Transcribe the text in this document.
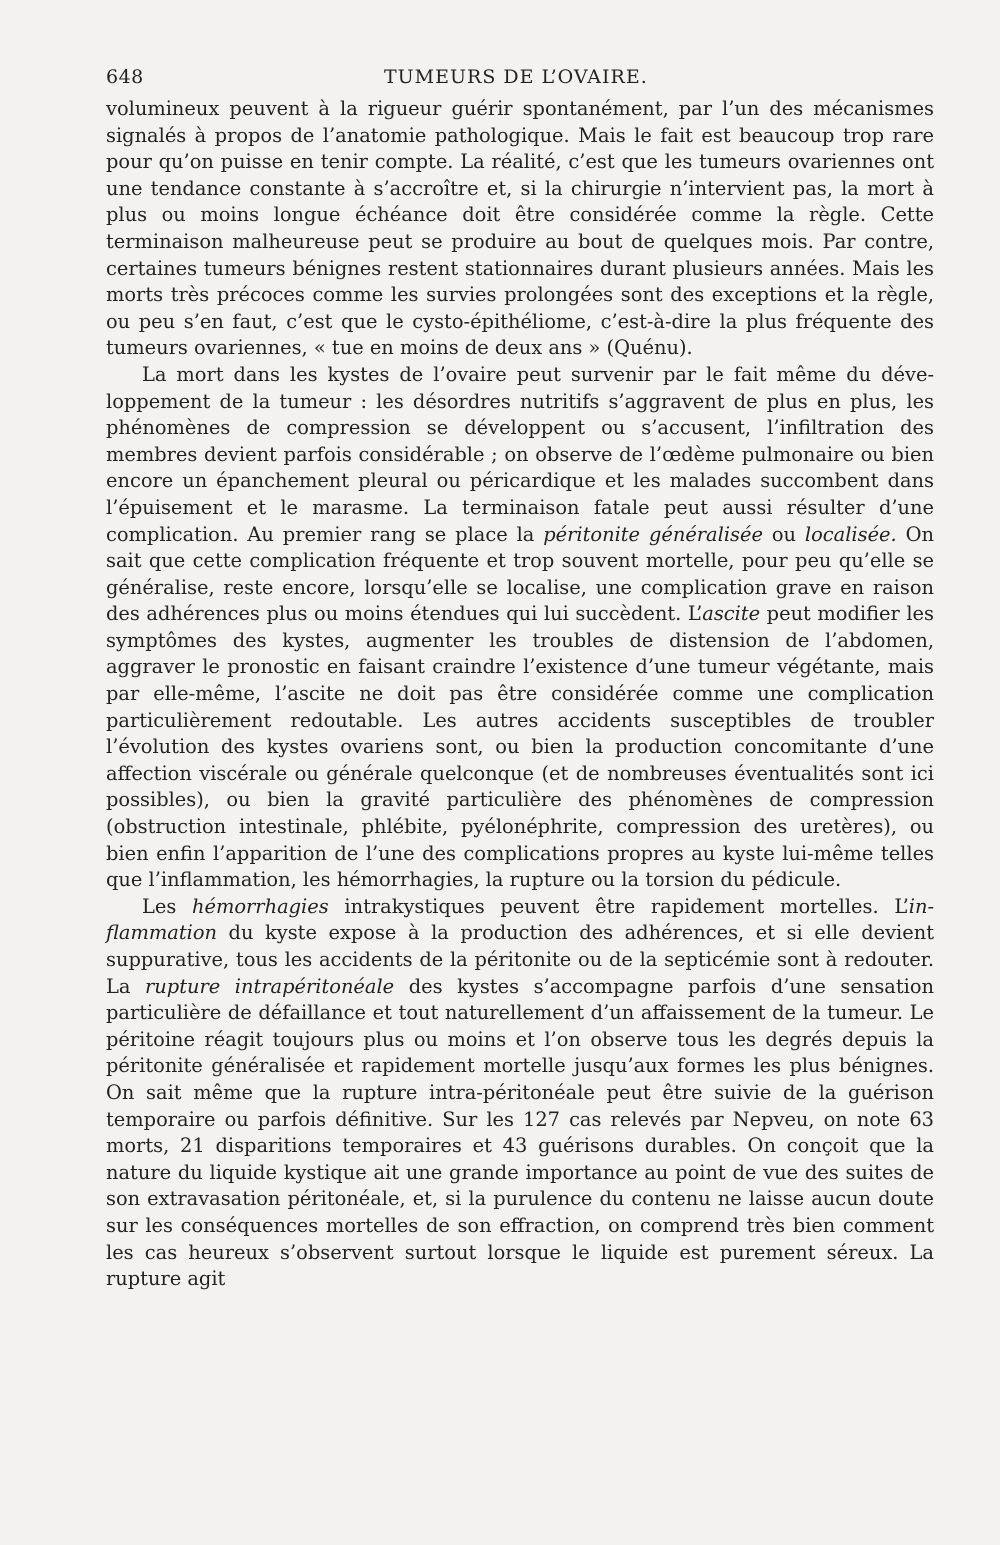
648	TUMEURS DE L’OVAIRE.

volumineux peuvent à la rigueur guérir spontanément, par l’un des mécanismes signalés à propos de l’anatomie pathologique. Mais le fait est beaucoup trop rare pour qu’on puisse en tenir compte. La réalité, c’est que les tumeurs ovariennes ont une tendance constante à s’accroître et, si la chirurgie n’intervient pas, la mort à plus ou moins longue échéance doit être considérée comme la règle. Cette terminaison malheureuse peut se produire au bout de quelques mois. Par contre, certaines tumeurs bénignes restent stationnaires durant plusieurs années. Mais les morts très précoces comme les survies prolongées sont des exceptions et la règle, ou peu s’en faut, c’est que le cysto-épithéliome, c’est-à-dire la plus fréquente des tumeurs ovariennes, « tue en moins de deux ans » (Quénu).

La mort dans les kystes de l’ovaire peut survenir par le fait même du développement de la tumeur : les désordres nutritifs s’aggravent de plus en plus, les phénomènes de compression se développent ou s’accusent, l’infiltration des membres devient parfois considérable ; on observe de l’œdème pulmonaire ou bien encore un épanchement pleural ou péricardique et les malades succombent dans l’épuisement et le marasme. La terminaison fatale peut aussi résulter d’une complication. Au premier rang se place la péritonite généralisée ou localisée. On sait que cette complication fréquente et trop souvent mortelle, pour peu qu’elle se généralise, reste encore, lorsqu’elle se localise, une complication grave en raison des adhérences plus ou moins étendues qui lui succèdent. L’ascite peut modifier les symptômes des kystes, augmenter les troubles de distension de l’abdomen, aggraver le pronostic en faisant craindre l’existence d’une tumeur végétante, mais par elle-même, l’ascite ne doit pas être considérée comme une complication particulièrement redoutable. Les autres accidents susceptibles de troubler l’évolution des kystes ovariens sont, ou bien la production concomitante d’une affection viscérale ou générale quelconque (et de nombreuses éventualités sont ici possibles), ou bien la gravité particulière des phénomènes de compression (obstruction intestinale, phlébite, pyélonéphrite, compression des uretères), ou bien enfin l’apparition de l’une des complications propres au kyste lui-même telles que l’inflammation, les hémorrhagies, la rupture ou la torsion du pédicule.

Les hémorrhagies intrakystiques peuvent être rapidement mortelles. L’inflammation du kyste expose à la production des adhérences, et si elle devient suppurative, tous les accidents de la péritonite ou de la septicémie sont à redouter. La rupture intrapéritonéale des kystes s’accompagne parfois d’une sensation particulière de défaillance et tout naturellement d’un affaissement de la tumeur. Le péritoine réagit toujours plus ou moins et l’on observe tous les degrés depuis la péritonite généralisée et rapidement mortelle jusqu’aux formes les plus bénignes. On sait même que la rupture intra-péritonéale peut être suivie de la guérison temporaire ou parfois définitive. Sur les 127 cas relevés par Nepveu, on note 63 morts, 21 disparitions temporaires et 43 guérisons durables. On conçoit que la nature du liquide kystique ait une grande importance au point de vue des suites de son extravasation péritonéale, et, si la purulence du contenu ne laisse aucun doute sur les conséquences mortelles de son effraction, on comprend très bien comment les cas heureux s’observent surtout lorsque le liquide est purement séreux. La rupture agit
